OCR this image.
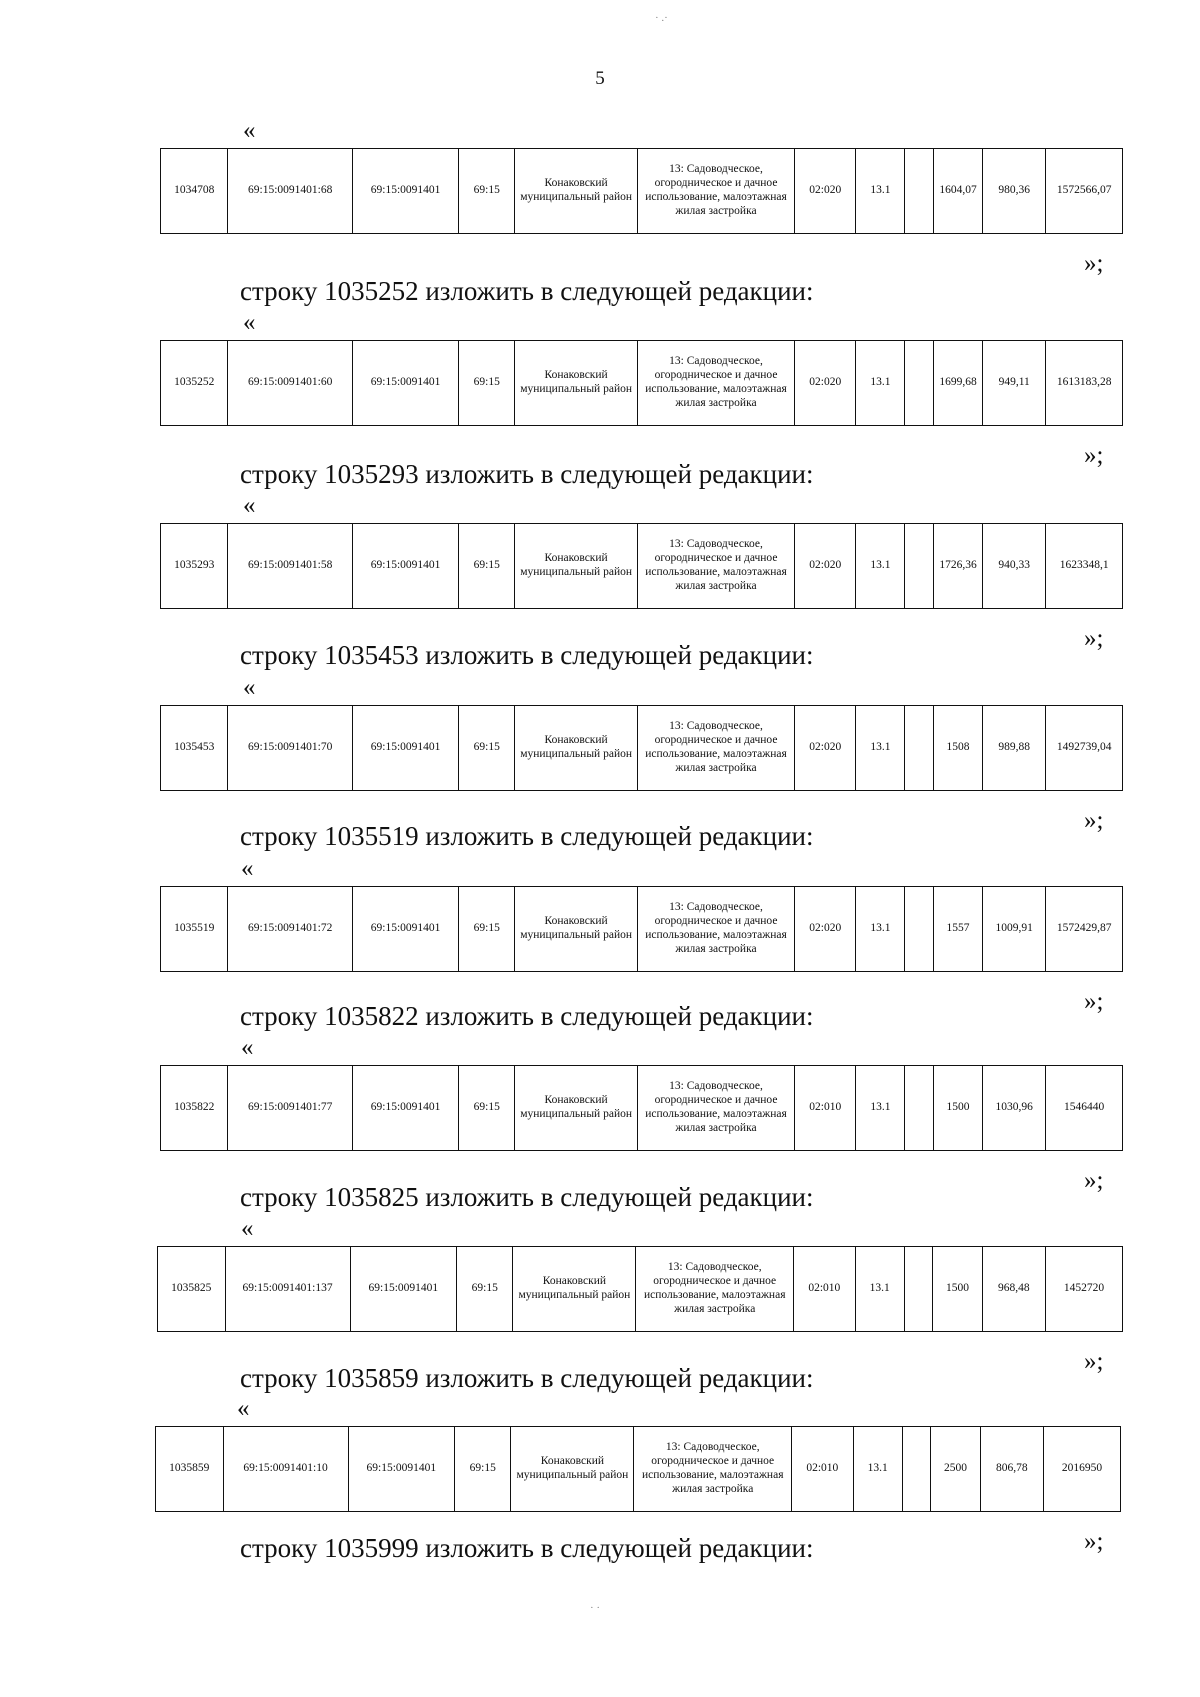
5
«
1034708	69:15:0091401:68	69:15:0091401	69:15	Конаковский муниципальный район	13: Садоводческое, огородническое и дачное использование, малоэтажная жилая застройка	02:020	13.1		1604,07	980,36	1572566,07
»;
строку 1035252 изложить в следующей редакции:
«
1035252	69:15:0091401:60	69:15:0091401	69:15	Конаковский муниципальный район	13: Садоводческое, огородническое и дачное использование, малоэтажная жилая застройка	02:020	13.1		1699,68	949,11	1613183,28
»;
строку 1035293 изложить в следующей редакции:
«
1035293	69:15:0091401:58	69:15:0091401	69:15	Конаковский муниципальный район	13: Садоводческое, огородническое и дачное использование, малоэтажная жилая застройка	02:020	13.1		1726,36	940,33	1623348,1
»;
строку 1035453 изложить в следующей редакции:
«
1035453	69:15:0091401:70	69:15:0091401	69:15	Конаковский муниципальный район	13: Садоводческое, огородническое и дачное использование, малоэтажная жилая застройка	02:020	13.1		1508	989,88	1492739,04
»;
строку 1035519 изложить в следующей редакции:
«
1035519	69:15:0091401:72	69:15:0091401	69:15	Конаковский муниципальный район	13: Садоводческое, огородническое и дачное использование, малоэтажная жилая застройка	02:020	13.1		1557	1009,91	1572429,87
»;
строку 1035822 изложить в следующей редакции:
«
1035822	69:15:0091401:77	69:15:0091401	69:15	Конаковский муниципальный район	13: Садоводческое, огородническое и дачное использование, малоэтажная жилая застройка	02:010	13.1		1500	1030,96	1546440
»;
строку 1035825 изложить в следующей редакции:
«
1035825	69:15:0091401:137	69:15:0091401	69:15	Конаковский муниципальный район	13: Садоводческое, огородническое и дачное использование, малоэтажная жилая застройка	02:010	13.1		1500	968,48	1452720
»;
строку 1035859 изложить в следующей редакции:
«
1035859	69:15:0091401:10	69:15:0091401	69:15	Конаковский муниципальный район	13: Садоводческое, огородническое и дачное использование, малоэтажная жилая застройка	02:010	13.1		2500	806,78	2016950
»;
строку 1035999 изложить в следующей редакции:
· .·
· ·
